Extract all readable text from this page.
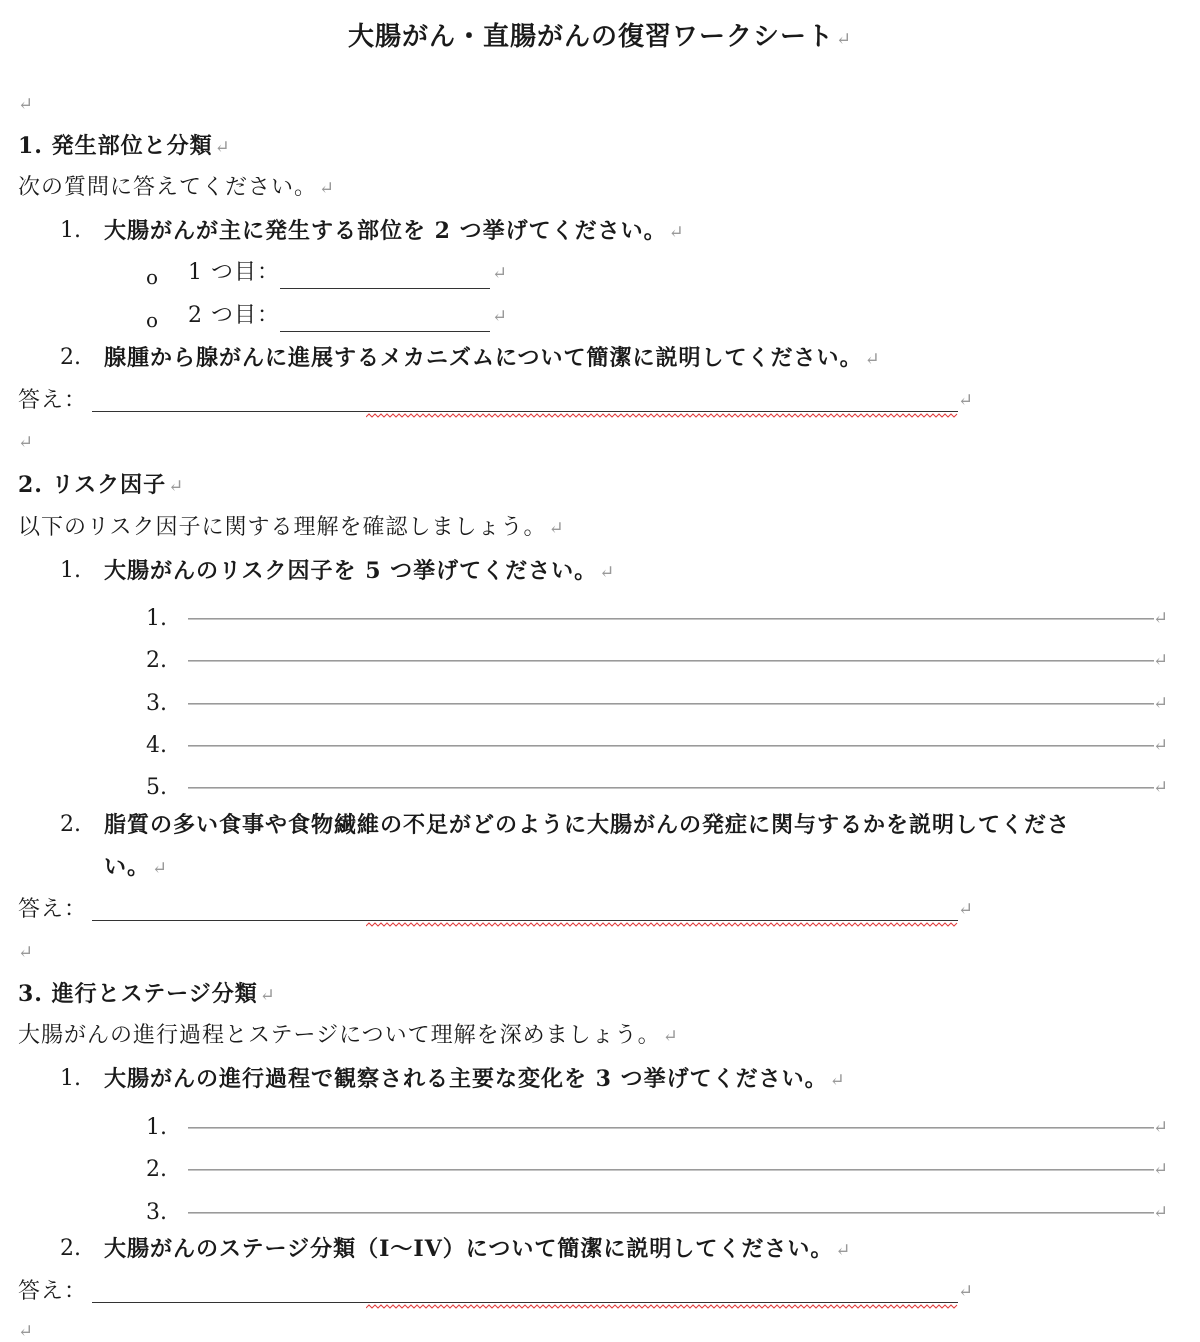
大腸がん・直腸がんの復習ワークシート ↵
↵
1. 発生部位と分類 ↵
次の質問に答えてください。 ↵
1. 大腸がんが主に発生する部位を 2 つ挙げてください。 ↵
o 1 つ目：	↵
o 2 つ目：	↵
2. 腺腫から腺がんに進展するメカニズムについて簡潔に説明してください。 ↵
答え：	↵
↵
2. リスク因子 ↵
以下のリスク因子に関する理解を確認しましょう。 ↵
1. 大腸がんのリスク因子を 5 つ挙げてください。 ↵
1.	↵
2.	↵
3.	↵
4.	↵
5.	↵
2. 脂質の多い食事や食物繊維の不足がどのように大腸がんの発症に関与するかを説明してくださ
い。 ↵
答え：	↵
↵
3. 進行とステージ分類 ↵
大腸がんの進行過程とステージについて理解を深めましょう。 ↵
1. 大腸がんの進行過程で観察される主要な変化を 3 つ挙げてください。 ↵
1.	↵
2.	↵
3.	↵
2. 大腸がんのステージ分類（I～IV）について簡潔に説明してください。 ↵
答え：	↵
↵
